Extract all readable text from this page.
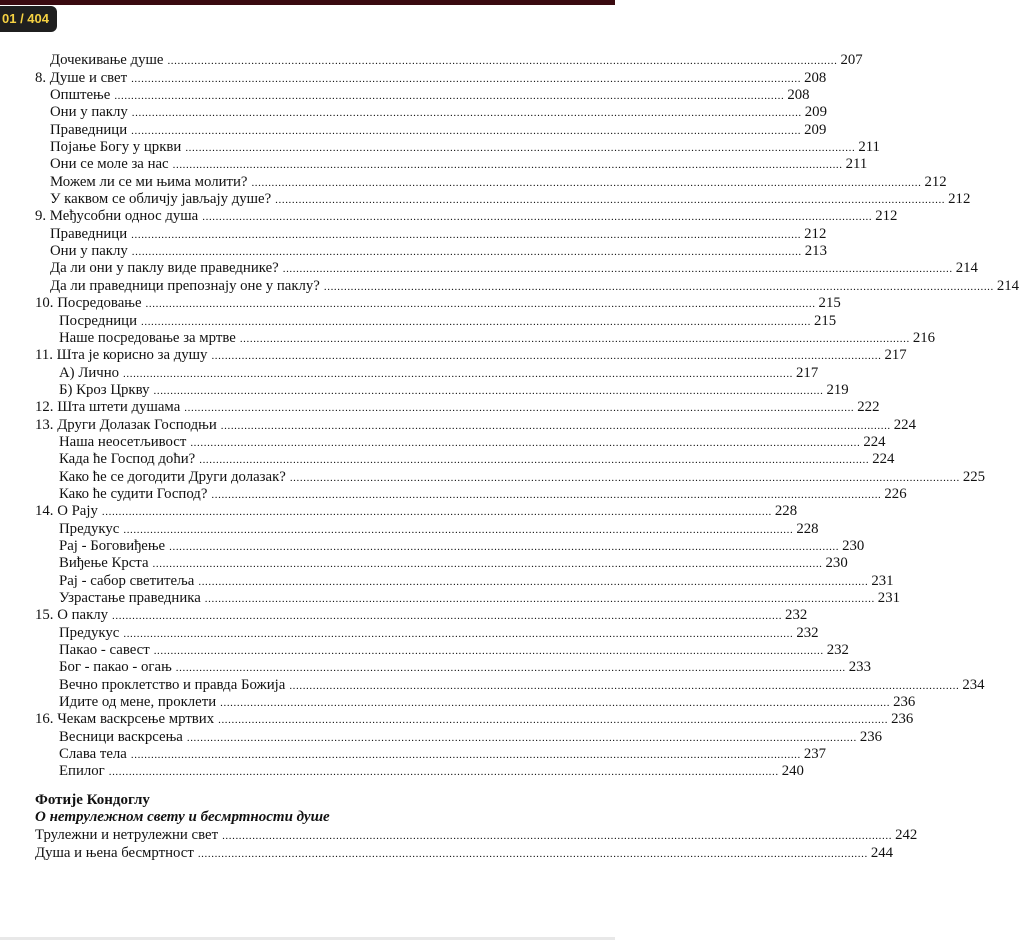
01 / 404
Дочекивање душе ........................................................................................................................................................................................................ 207
8. Душе и свет ........................................................................................................................................................................................................ 208
Општење ........................................................................................................................................................................................................ 208
Они у паклу ........................................................................................................................................................................................................ 209
Праведници ........................................................................................................................................................................................................ 209
Појање Богу у цркви ........................................................................................................................................................................................................ 211
Они се моле за нас ........................................................................................................................................................................................................ 211
Можем ли се ми њима молити? ........................................................................................................................................................................................................ 212
У каквом се обличју јављају душе? ........................................................................................................................................................................................................ 212
9. Међусобни однос душа ........................................................................................................................................................................................................ 212
Праведници ........................................................................................................................................................................................................ 212
Они у паклу ........................................................................................................................................................................................................ 213
Да ли они у паклу виде праведнике? ........................................................................................................................................................................................................ 214
Да ли праведници препознају оне у паклу? ........................................................................................................................................................................................................ 214
10. Посредовање ........................................................................................................................................................................................................ 215
Посредници ........................................................................................................................................................................................................ 215
Наше посредовање за мртве ........................................................................................................................................................................................................ 216
11. Шта је корисно за душу ........................................................................................................................................................................................................ 217
А) Лично ........................................................................................................................................................................................................ 217
Б) Кроз Цркву ........................................................................................................................................................................................................ 219
12. Шта штети душама ........................................................................................................................................................................................................ 222
13. Други Долазак Господњи ........................................................................................................................................................................................................ 224
Наша неосетљивост ........................................................................................................................................................................................................ 224
Када ће Господ доћи? ........................................................................................................................................................................................................ 224
Како ће се догодити Други долазак? ........................................................................................................................................................................................................ 225
Како ће судити Господ? ........................................................................................................................................................................................................ 226
14. О Рају ........................................................................................................................................................................................................ 228
Предукус ........................................................................................................................................................................................................ 228
Рај - Боговиђење ........................................................................................................................................................................................................ 230
Виђење Крста ........................................................................................................................................................................................................ 230
Рај - сабор светитеља ........................................................................................................................................................................................................ 231
Узрастање праведника ........................................................................................................................................................................................................ 231
15. О паклу ........................................................................................................................................................................................................ 232
Предукус ........................................................................................................................................................................................................ 232
Пакао - савест ........................................................................................................................................................................................................ 232
Бог - пакао - огањ ........................................................................................................................................................................................................ 233
Вечно проклетство и правда Божија ........................................................................................................................................................................................................ 234
Идите од мене, проклети ........................................................................................................................................................................................................ 236
16. Чекам васкрсење мртвих ........................................................................................................................................................................................................ 236
Весници васкрсења ........................................................................................................................................................................................................ 236
Слава тела ........................................................................................................................................................................................................ 237
Епилог ........................................................................................................................................................................................................ 240
Фотије Кондоглу
О нетрулежном свету и бесмртности душе
Трулежни и нетрулежни свет ........................................................................................................................................................................................................ 242
Душа и њена бесмртност ........................................................................................................................................................................................................ 244
